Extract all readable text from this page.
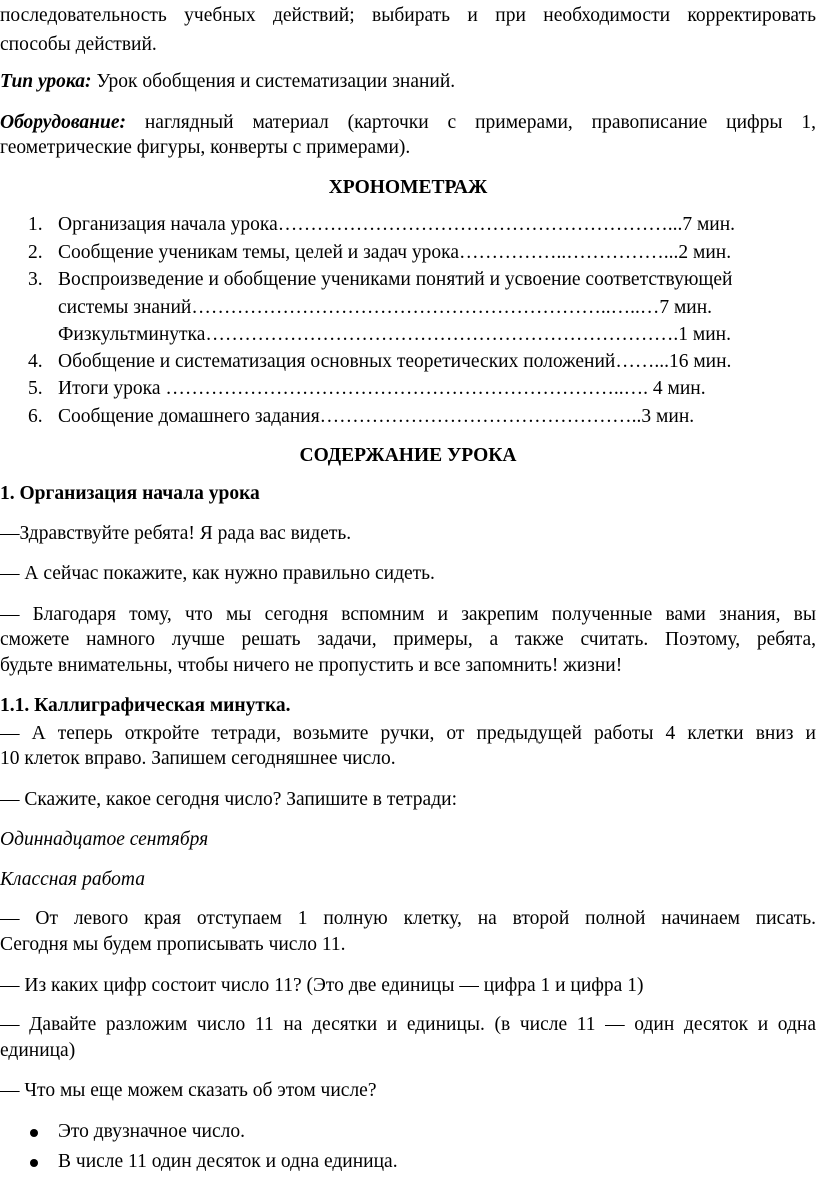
последовательность учебных действий; выбирать и при необходимости корректировать
способы действий.
Тип урока: Урок обобщения и систематизации знаний.
Оборудование: наглядный материал (карточки с примерами, правописание цифры 1,
геометрические фигуры, конверты с примерами).
ХРОНОМЕТРАЖ
1. Организация начала урока……………………………………………………...7 мин.
2. Сообщение ученикам темы, целей и задач урока……………..……………...2 мин.
3. Воспроизведение и обобщение учениками понятий и усвоение соответствующей
системы знаний………………………………………………………..…..…7 мин.
Физкультминутка……………………………………………………………….1 мин.
4. Обобщение и систематизация основных теоретических положений……...16 мин.
5. Итоги урока ……………………………………………………………..…. 4 мин.
6. Сообщение домашнего задания…………………………………………..3 мин.
СОДЕРЖАНИЕ УРОКА
1. Организация начала урока
—Здравствуйте ребята! Я рада вас видеть.
— А сейчас покажите, как нужно правильно сидеть.
— Благодаря тому, что мы сегодня вспомним и закрепим полученные вами знания, вы
сможете намного лучше решать задачи, примеры, а также считать. Поэтому, ребята,
будьте внимательны, чтобы ничего не пропустить и все запомнить! жизни!
1.1. Каллиграфическая минутка.
— А теперь откройте тетради, возьмите ручки, от предыдущей работы 4 клетки вниз и
10 клеток вправо. Запишем сегодняшнее число.
— Скажите, какое сегодня число? Запишите в тетради:
Одиннадцатое сентября
Классная работа
— От левого края отступаем 1 полную клетку, на второй полной начинаем писать.
Сегодня мы будем прописывать число 11.
— Из каких цифр состоит число 11? (Это две единицы — цифра 1 и цифра 1)
— Давайте разложим число 11 на десятки и единицы. (в числе 11 — один десяток и одна
единица)
— Что мы еще можем сказать об этом числе?
Это двузначное число.
В числе 11 один десяток и одна единица.
